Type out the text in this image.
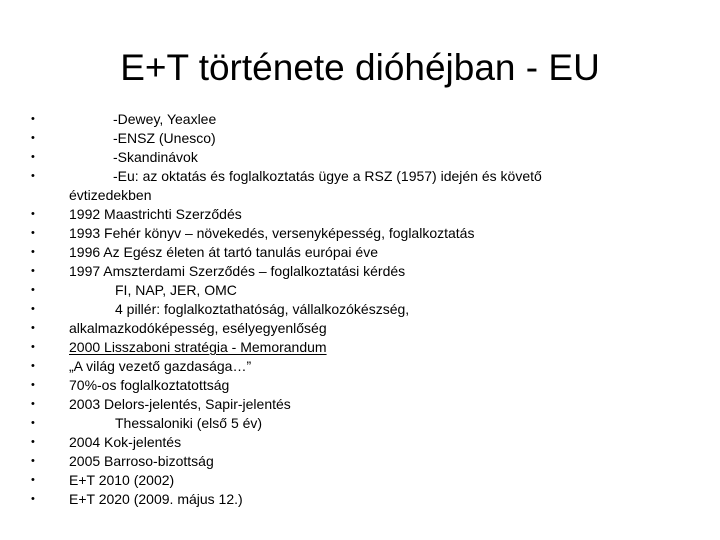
E+T története dióhéjban - EU
•	-Dewey, Yeaxlee
•	-ENSZ (Unesco)
•	-Skandinávok
•	-Eu: az oktatás és foglalkoztatás ügye a RSZ (1957) idején és követő
évtizedekben
• 1992 Maastrichti Szerződés
• 1993 Fehér könyv – növekedés, versenyképesség, foglalkoztatás
• 1996 Az Egész életen át tartó tanulás európai éve
• 1997 Amszterdami Szerződés – foglalkoztatási kérdés
•	FI, NAP, JER, OMC
•	4 pillér: foglalkoztathatóság, vállalkozókészség,
• alkalmazkodóképesség, esélyegyenlőség
• 2000 Lisszaboni stratégia - Memorandum
• „A világ vezető gazdasága…”
• 70%-os foglalkoztatottság
• 2003 Delors-jelentés, Sapir-jelentés
•	Thessaloniki (első 5 év)
• 2004 Kok-jelentés
• 2005 Barroso-bizottság
• E+T 2010 (2002)
• E+T 2020 (2009. május 12.)
